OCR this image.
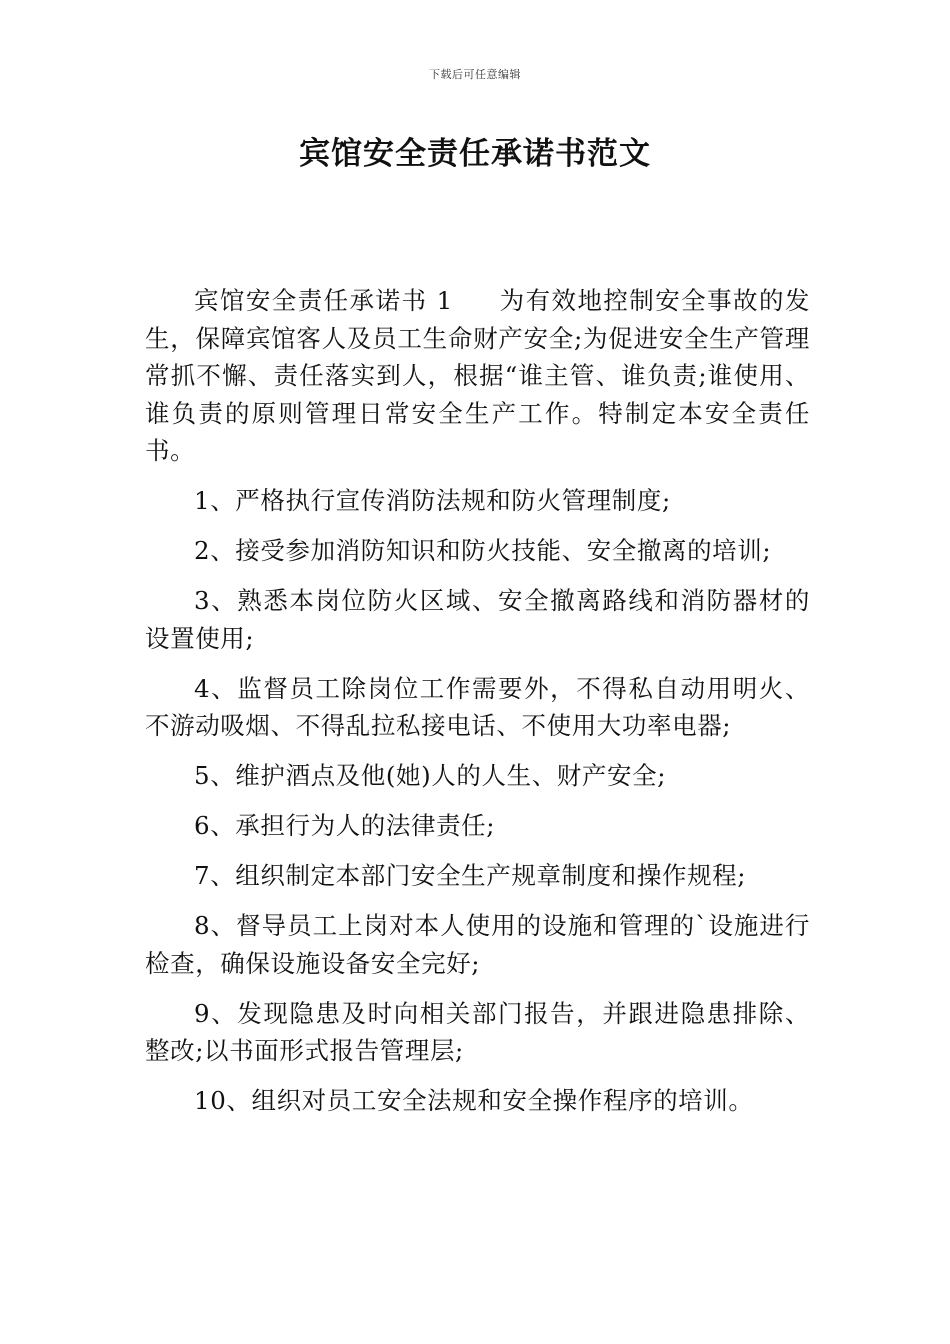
下载后可任意编辑
宾馆安全责任承诺书范文

宾馆安全责任承诺书 1 为有效地控制安全事故的发生，保障宾馆客人及员工生命财产安全;为促进安全生产管理常抓不懈、责任落实到人，根据“谁主管、谁负责;谁使用、谁负责的原则管理日常安全生产工作。特制定本安全责任书。

1、严格执行宣传消防法规和防火管理制度;

2、接受参加消防知识和防火技能、安全撤离的培训;

3、熟悉本岗位防火区域、安全撤离路线和消防器材的设置使用;

4、监督员工除岗位工作需要外，不得私自动用明火、不游动吸烟、不得乱拉私接电话、不使用大功率电器;

5、维护酒点及他(她)人的人生、财产安全;

6、承担行为人的法律责任;

7、组织制定本部门安全生产规章制度和操作规程;

8、督导员工上岗对本人使用的设施和管理的`设施进行检查，确保设施设备安全完好;

9、发现隐患及时向相关部门报告，并跟进隐患排除、整改;以书面形式报告管理层;

10、组织对员工安全法规和安全操作程序的培训。
